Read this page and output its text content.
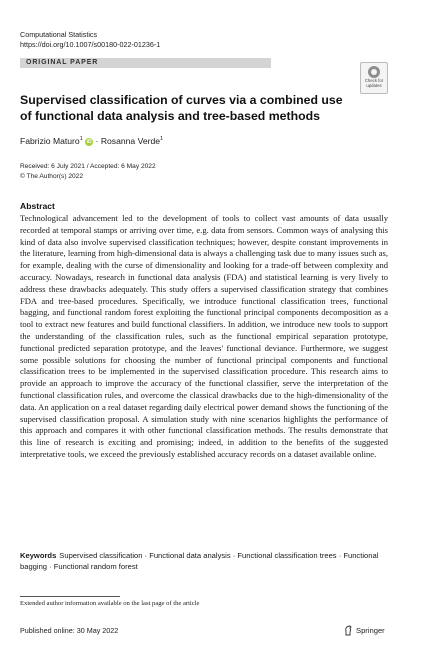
Computational Statistics
https://doi.org/10.1007/s00180-022-01236-1
ORIGINAL PAPER
Check for
updates
Supervised classification of curves via a combined use of functional data analysis and tree-based methods
Fabrizio Maturo$^1$ iD · Rosanna Verde$^1$
Received: 6 July 2021 / Accepted: 6 May 2022
© The Author(s) 2022
Abstract

Technological advancement led to the development of tools to collect vast amounts of data usually recorded at temporal stamps or arriving over time, e.g. data from sensors. Common ways of analysing this kind of data also involve supervised classification techniques; however, despite constant improvements in the literature, learning from high-dimensional data is always a challenging task due to many issues such as, for example, dealing with the curse of dimensionality and looking for a trade-off between complexity and accuracy. Nowadays, research in functional data analysis (FDA) and statistical learning is very lively to address these drawbacks adequately. This study offers a supervised classification strategy that combines FDA and tree-based procedures. Specifically, we introduce functional classification trees, functional bagging, and functional random forest exploiting the functional principal components decomposition as a tool to extract new features and build functional classifiers. In addition, we introduce new tools to support the understanding of the classification rules, such as the functional empirical separation prototype, functional predicted separation prototype, and the leaves' functional deviance. Furthermore, we suggest some possible solutions for choosing the number of functional principal components and functional classification trees to be implemented in the supervised classification procedure. This research aims to provide an approach to improve the accuracy of the functional classifier, serve the interpretation of the functional classification rules, and overcome the classical drawbacks due to the high-dimensionality of the data. An application on a real dataset regarding daily electrical power demand shows the functioning of the supervised classification proposal. A simulation study with nine scenarios highlights the performance of this approach and compares it with other functional classification methods. The results demonstrate that this line of research is exciting and promising; indeed, in addition to the benefits of the suggested interpretative tools, we exceed the previously established accuracy records on a dataset available online.

Keywords Supervised classification · Functional data analysis · Functional classification trees · Functional bagging · Functional random forest

Extended author information available on the last page of the article
Published online: 30 May 2022	Springer
